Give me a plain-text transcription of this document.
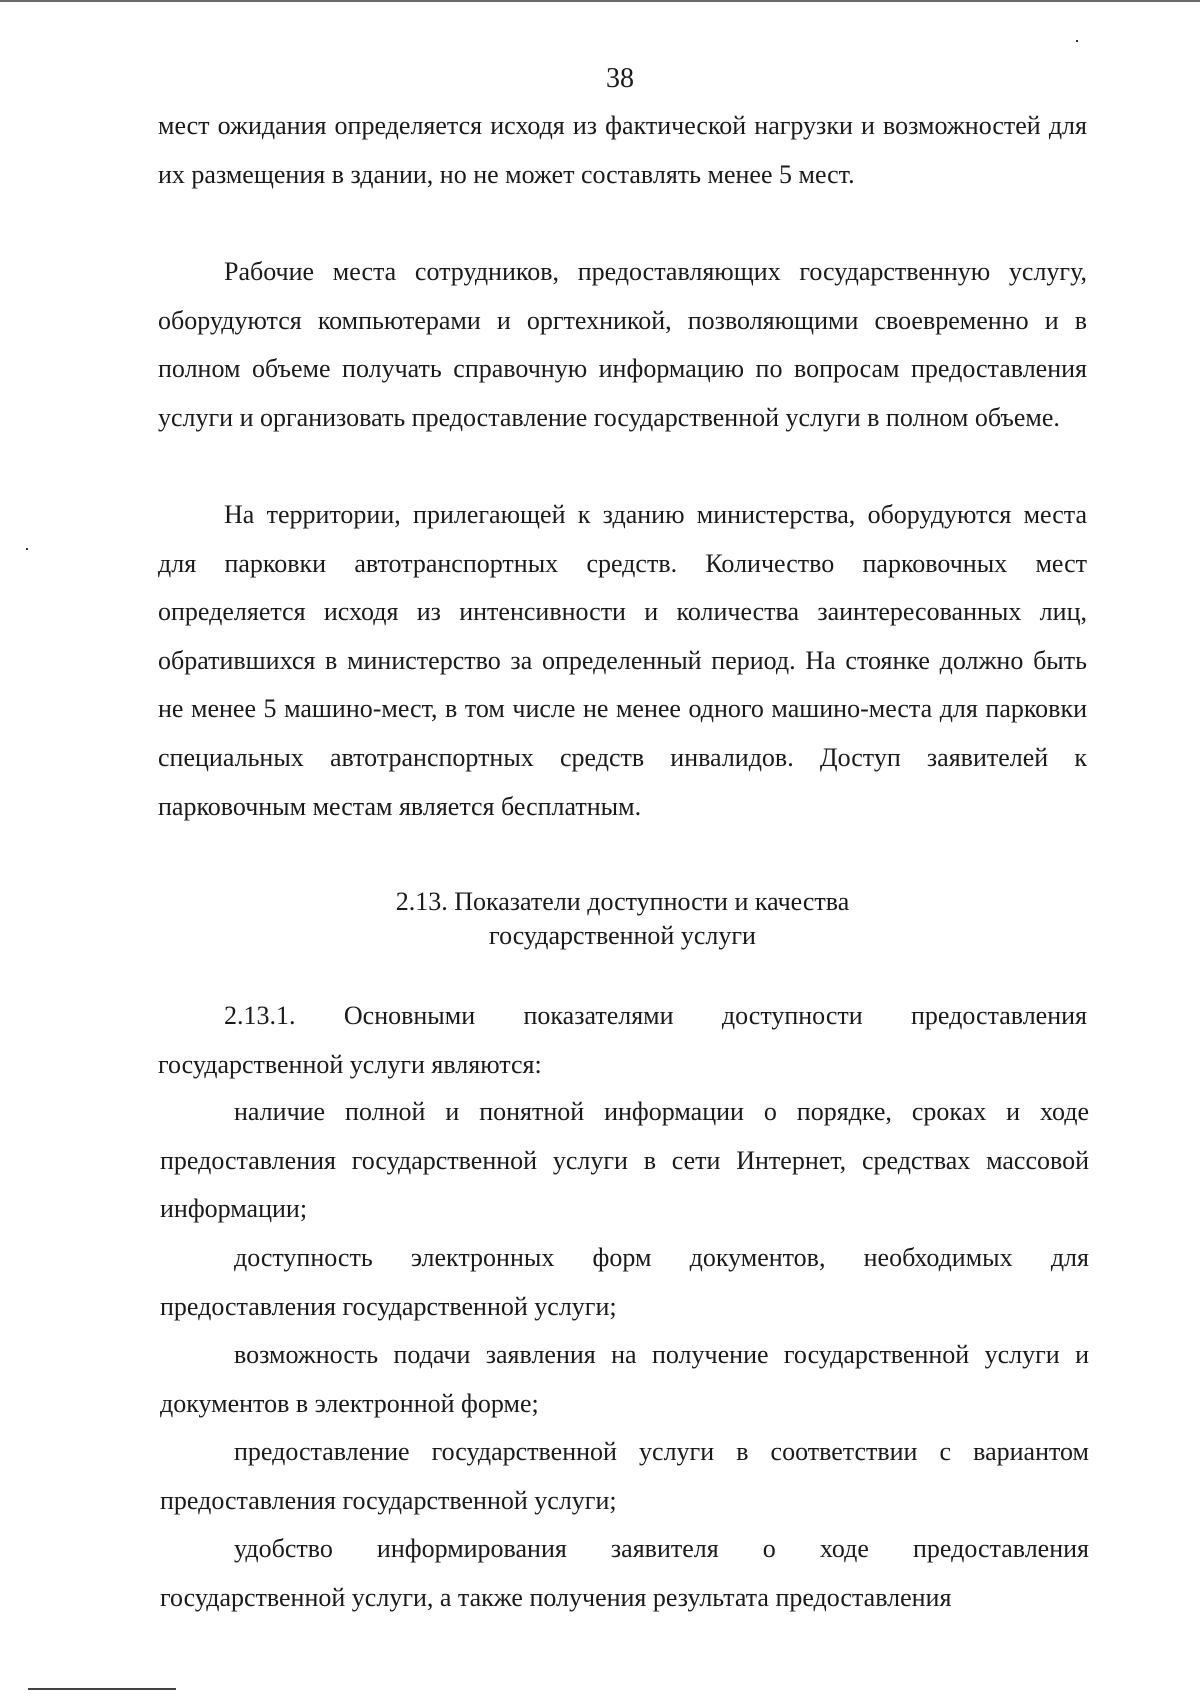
38

мест ожидания определяется исходя из фактической нагрузки и возможностей для их размещения в здании, но не может составлять менее 5 мест.

Рабочие места сотрудников, предоставляющих государственную услугу, оборудуются компьютерами и оргтехникой, позволяющими своевременно и в полном объеме получать справочную информацию по вопросам предоставления услуги и организовать предоставление государственной услуги в полном объеме.

На территории, прилегающей к зданию министерства, оборудуются места для парковки автотранспортных средств. Количество парковочных мест определяется исходя из интенсивности и количества заинтересованных лиц, обратившихся в министерство за определенный период. На стоянке должно быть не менее 5 машино-мест, в том числе не менее одного машино-места для парковки специальных автотранспортных средств инвалидов. Доступ заявителей к парковочным местам является бесплатным.

2.13. Показатели доступности и качества
государственной услуги

2.13.1. Основными показателями доступности предоставления государственной услуги являются:

наличие полной и понятной информации о порядке, сроках и ходе предоставления государственной услуги в сети Интернет, средствах массовой информации;

доступность электронных форм документов, необходимых для предоставления государственной услуги;

возможность подачи заявления на получение государственной услуги и документов в электронной форме;

предоставление государственной услуги в соответствии с вариантом предоставления государственной услуги;

удобство информирования заявителя о ходе предоставления государственной услуги, а также получения результата предоставления
